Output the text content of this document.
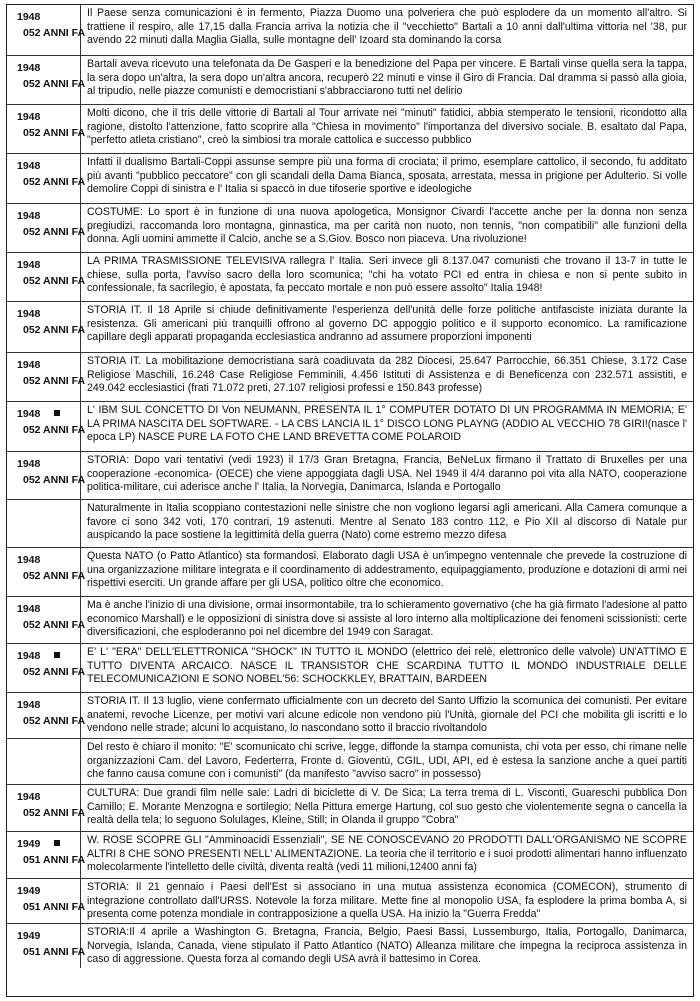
1948
052 ANNI FA
Il Paese senza comunicazioni è in fermento, Piazza Duomo una polveriera che può esplodere da un momento all'altro. Si trattiene il respiro, alle 17,15 dalla Francia arriva la notizia che il "vecchietto" Bartali a 10 anni dall'ultima vittoria nel '38, pur avendo 22 minuti dalla Maglia Gialla, sulle montagne dell' Izoard sta dominando la corsa
1948
052 ANNI FA
Bartali aveva ricevuto una telefonata da De Gasperi e la benedizione del Papa per vincere. E Bartali vinse quella sera la tappa, la sera dopo un'altra, la sera dopo un'altra ancora, recuperò 22 minuti e vinse il Giro di Francia. Dal dramma si passò alla gioia, al tripudio, nelle piazze comunisti e democristiani s'abbracciarono tutti nel delirio
1948
052 ANNI FA
Molti dicono, che il tris delle vittorie di Bartali al Tour arrivate nei "minuti" fatidici, abbia stemperato le tensioni, ricondotto alla ragione, distolto l'attenzione, fatto scoprire alla "Chiesa in movimento" l'importanza del diversivo sociale. B. esaltato dal Papa, "perfetto atleta cristiano", creò la simbiosi tra morale cattolica e successo pubblico
1948
052 ANNI FA
Infatti il dualismo Bartali-Coppi assunse sempre più una forma di crociata; il primo, esemplare cattolico, il secondo, fu additato più avanti "pubblico peccatore" con gli scandali della Dama Bianca, sposata, arrestata, messa in prigione per Adulterio. Si volle demolire Coppi di sinistra e l' Italia si spaccò in due tifoserie sportive e ideologiche
1948
052 ANNI FA
COSTUME: Lo sport è in funzione di una nuova apologetica, Monsignor Civardi l'accette anche per la donna non senza pregiudizi, raccomanda loro montagna, ginnastica, ma per carità non nuoto, non tennis, "non compatibili" alle funzioni della donna. Agli uomini ammette il Calcio, anche se a S.Giov. Bosco non piaceva. Una rivoluzione!
1948
052 ANNI FA
LA PRIMA TRASMISSIONE TELEVISIVA rallegra l' Italia. Seri invece gli 8.137.047 comunisti che trovano il 13-7 in tutte le chiese, sulla porta, l'avviso sacro della loro scomunica; "chi ha votato PCI ed entra in chiesa e non si pente subito in confessionale, fa sacrilegio, è apostata, fa peccato mortale e non può essere assolto" Italia 1948!
1948
052 ANNI FA
STORIA IT. Il 18 Aprile si chiude definitivamente l'esperienza dell'unità delle forze politiche antifasciste iniziata durante la resistenza. Gli americani più tranquilli offrono al governo DC appoggio politico e il supporto economico. La ramificazione capillare degli apparati propaganda ecclesiastica andranno ad assumere proporzioni imponenti
1948
052 ANNI FA
STORIA IT. La mobilitazione democristiana sarà coadiuvata da 282 Diocesi, 25.647 Parrocchie, 66.351 Chiese, 3.172 Case Religiose Maschili, 16.248 Case Religiose Femminili, 4.456 Istituti di Assistenza e di Beneficenza con 232.571 assistiti, e 249.042 ecclesiastici (frati 71.072 preti, 27.107 religiosi professi e 150.843 professe)
1948
052 ANNI FA
L' IBM SUL CONCETTO DI Von NEUMANN, PRESENTA IL 1° COMPUTER DOTATO DI UN PROGRAMMA IN MEMORIA; E' LA PRIMA NASCITA DEL SOFTWARE. - LA CBS LANCIA IL 1° DISCO LONG PLAYNG (ADDIO AL VECCHIO 78 GIRI!(nasce l' epoca LP) NASCE PURE LA FOTO CHE LAND BREVETTA COME POLAROID
1948
052 ANNI FA
STORIA: Dopo vari tentativi (vedi 1923) il 17/3 Gran Bretagna, Francia, BeNeLux firmano il Trattato di Bruxelles per una cooperazione -economica- (OECE) che viene appoggiata dagli USA. Nel 1949 il 4/4 daranno poi vita alla NATO, cooperazione politica-militare, cui aderisce anche l' Italia, la Norvegia, Danimarca, Islanda e Portogallo
Naturalmente in Italia scoppiano contestazioni nelle sinistre che non vogliono legarsi agli americani. Alla Camera comunque a favore ci sono 342 voti, 170 contrari, 19 astenuti. Mentre al Senato 183 contro 112, e Pio XII al discorso di Natale pur auspicando la pace sostiene la legittimità della guerra (Nato) come estremo mezzo difesa
1948
052 ANNI FA
Questa NATO (o Patto Atlantico) sta formandosi. Elaborato dagli USA è un'impegno ventennale che prevede la costruzione di una organizzazione militare integrata e il coordinamento di addestramento, equipaggiamento, produzione e dotazioni di armi nei rispettivi eserciti. Un grande affare per gli USA, politico oltre che economico.
1948
052 ANNI FA
Ma è anche l'inizio di una divisione, ormai insormontabile, tra lo schieramento governativo (che ha già firmato l'adesione al patto economico Marshall) e le opposizioni di sinistra dove si assiste al loro interno alla moltiplicazione dei fenomeni scissionisti: certe diversificazioni, che esploderanno poi nel dicembre del 1949 con Saragat.
1948
052 ANNI FA
E' L' "ERA" DELL'ELETTRONICA "SHOCK" IN TUTTO IL MONDO (elettrico dei relè, elettronico delle valvole) UN'ATTIMO E TUTTO DIVENTA ARCAICO. NASCE IL TRANSISTOR CHE SCARDINA TUTTO IL MONDO INDUSTRIALE DELLE TELECOMUNICAZIONI E SONO NOBEL'56: SCHOCKKLEY, BRATTAIN, BARDEEN
1948
052 ANNI FA
STORIA IT. Il 13 luglio, viene confermato ufficialmente con un decreto del Santo Uffizio la scomunica dei comunisti. Per evitare anatemi, revoche Licenze, per motivi vari alcune edicole non vendono più l'Unità, giornale del PCI che mobilita gli iscritti e lo vendono nelle strade; alcuni lo acquistano, lo nascondano sotto il braccio rivoltandolo
Del resto è chiaro il monito: "E' scomunicato chi scrive, legge, diffonde la stampa comunista, chi vota per esso, chi rimane nelle organizzazioni Cam. del Lavoro, Federterra, Fronte d. Gioventù, CGIL, UDI, API, ed è estesa la sanzione anche a quei partiti che fanno causa comune con i comunisti" (da manifesto "avviso sacro" in possesso)
1948
052 ANNI FA
CULTURA: Due grandi film nelle sale: Ladri di biciclette di V. De Sica; La terra trema di L. Visconti, Guareschi pubblica Don Camillo; E. Morante Menzogna e sortilegio; Nella Pittura emerge Hartung, col suo gesto che violentemente segna o cancella la realtà della tela; lo seguono Solulages, Kleine, Still; in Olanda il gruppo "Cobra"
1949
051 ANNI FA
W. ROSE SCOPRE GLI "Amminoacidi Essenziali", SE NE CONOSCEVANO 20 PRODOTTI DALL'ORGANISMO NE SCOPRE ALTRI 8 CHE SONO PRESENTI NELL' ALIMENTAZIONE. La teoria che il territorio e i suoi prodotti alimentari hanno influenzato molecolarmente l'intelletto delle civiltà, diventa realtà (vedi 11 milioni,12400 anni fa)
1949
051 ANNI FA
STORIA: Il 21 gennaio i Paesi dell'Est si associano in una mutua assistenza economica (COMECON), strumento di integrazione controllato dall'URSS. Notevole la forza militare. Mette fine al monopolio USA, fa esplodere la prima bomba A, si presenta come potenza mondiale in contrapposizione a quella USA. Ha inizio la "Guerra Fredda"
1949
051 ANNI FA
STORIA:Il 4 aprile a Washington G. Bretagna, Francia, Belgio, Paesi Bassi, Lussemburgo, Italia, Portogallo, Danimarca, Norvegia, Islanda, Canada, viene stipulato il Patto Atlantico (NATO) Alleanza militare che impegna la reciproca assistenza in caso di aggressione. Questa forza al comando degli USA avrà il battesimo in Corea.
